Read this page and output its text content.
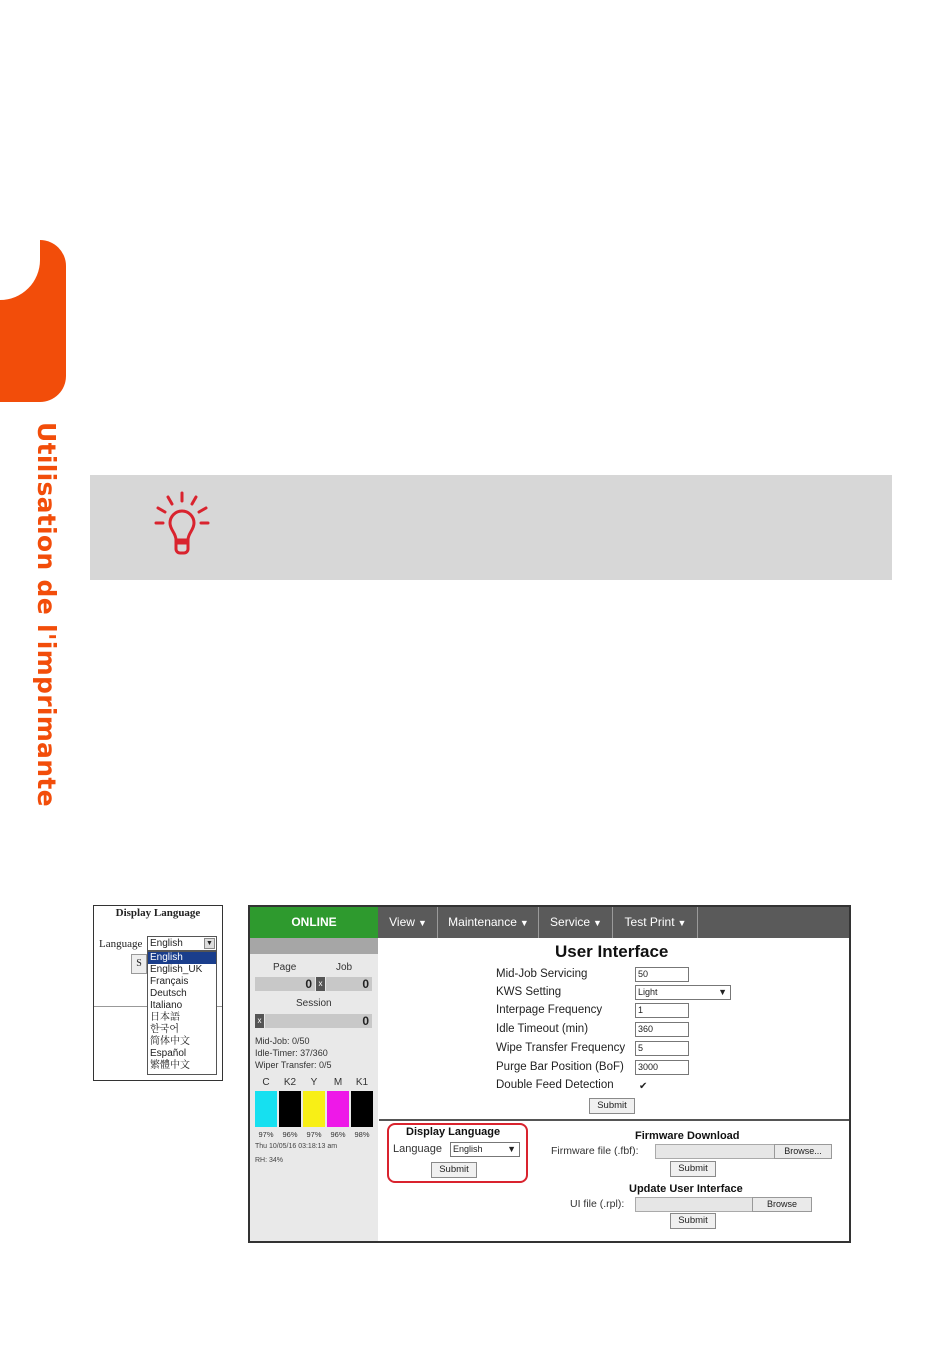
Utilisation de l'imprimante
Display Language
Language English	▼
S
English
English_UK
Français
Deutsch
Italiano
日本語
한국어
简体中文
Español
繁體中文
ONLINE	View ▼	Maintenance ▼	Service ▼	Test Print ▼
Page	Job
0 x	0
Session
x	0
Mid-Job: 0/50
Idle-Timer: 37/360
Wiper Transfer: 0/5
C	K2	Y	M	K1
97%	96%	97%	96%	98%
Thu 10/05/16 03:18:13 am
RH: 34%
User Interface
Mid-Job Servicing	50
KWS Setting	Light	▼
Interpage Frequency	1
Idle Timeout (min)	360
Wipe Transfer Frequency	5
Purge Bar Position (BoF)	3000
Double Feed Detection	✔
Submit
Display Language
Language	English	▼
Submit
Firmware Download
Firmware file (.fbf):	Browse...
Submit
Update User Interface
UI file (.rpl):	Browse
Submit
